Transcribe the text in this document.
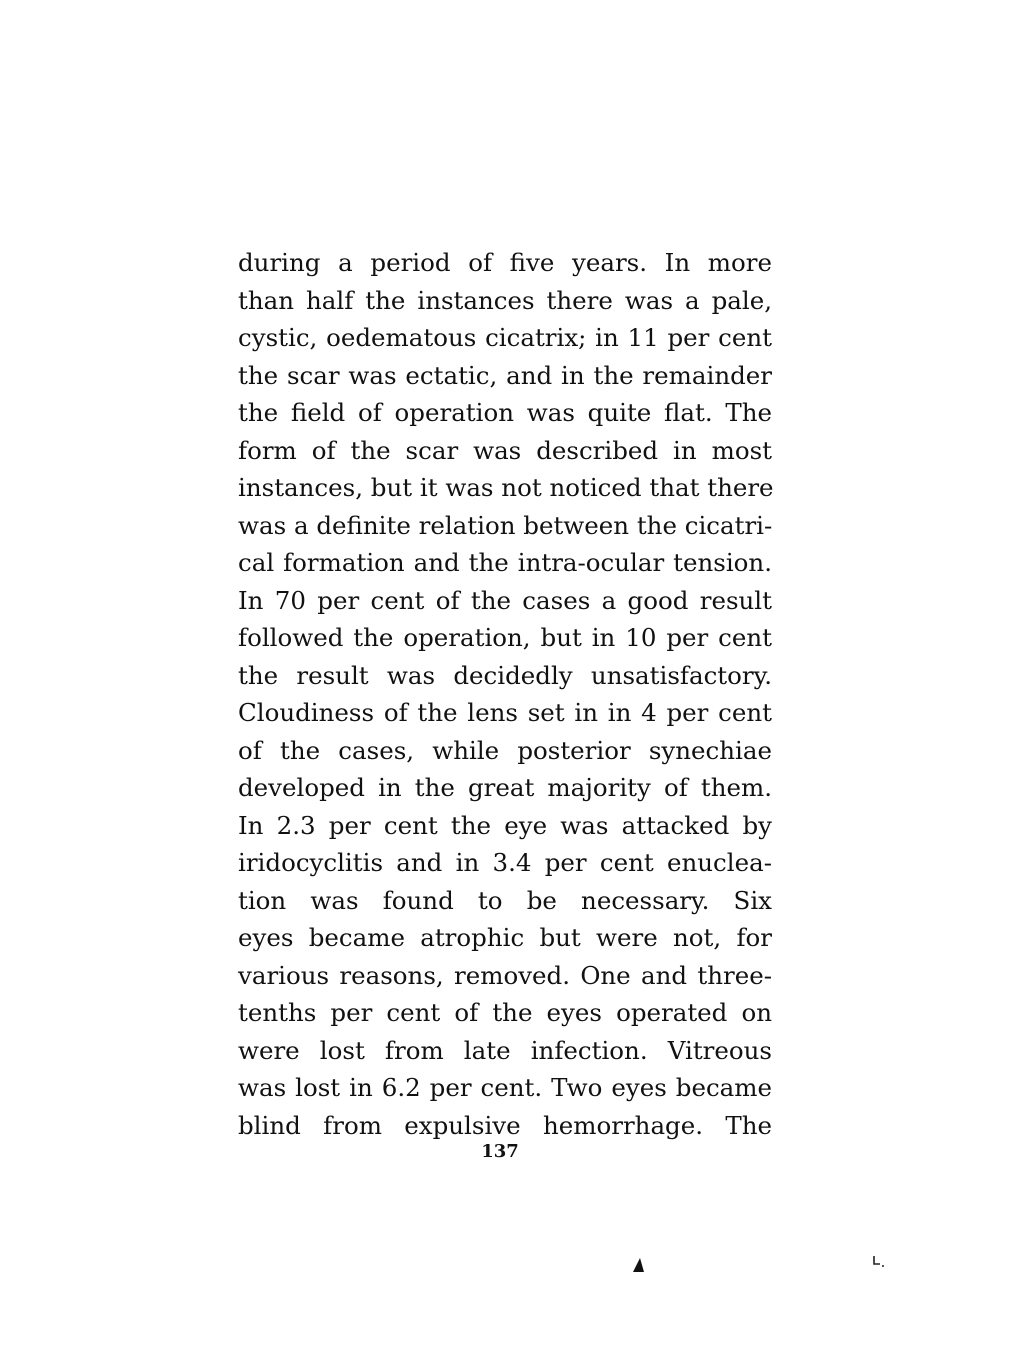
during a period of five years. In more
than half the instances there was a pale,
cystic, oedematous cicatrix; in 11 per cent
the scar was ectatic, and in the remainder
the field of operation was quite flat. The
form of the scar was described in most
instances, but it was not noticed that there
was a definite relation between the cicatri-
cal formation and the intra-ocular tension.
In 70 per cent of the cases a good result
followed the operation, but in 10 per cent
the result was decidedly unsatisfactory.
Cloudiness of the lens set in in 4 per cent
of the cases, while posterior synechiae
developed in the great majority of them.
In 2.3 per cent the eye was attacked by
iridocyclitis and in 3.4 per cent enuclea-
tion was found to be necessary. Six
eyes became atrophic but were not, for
various reasons, removed. One and three-
tenths per cent of the eyes operated on
were lost from late infection. Vitreous
was lost in 6.2 per cent. Two eyes became
blind from expulsive hemorrhage. The
137
